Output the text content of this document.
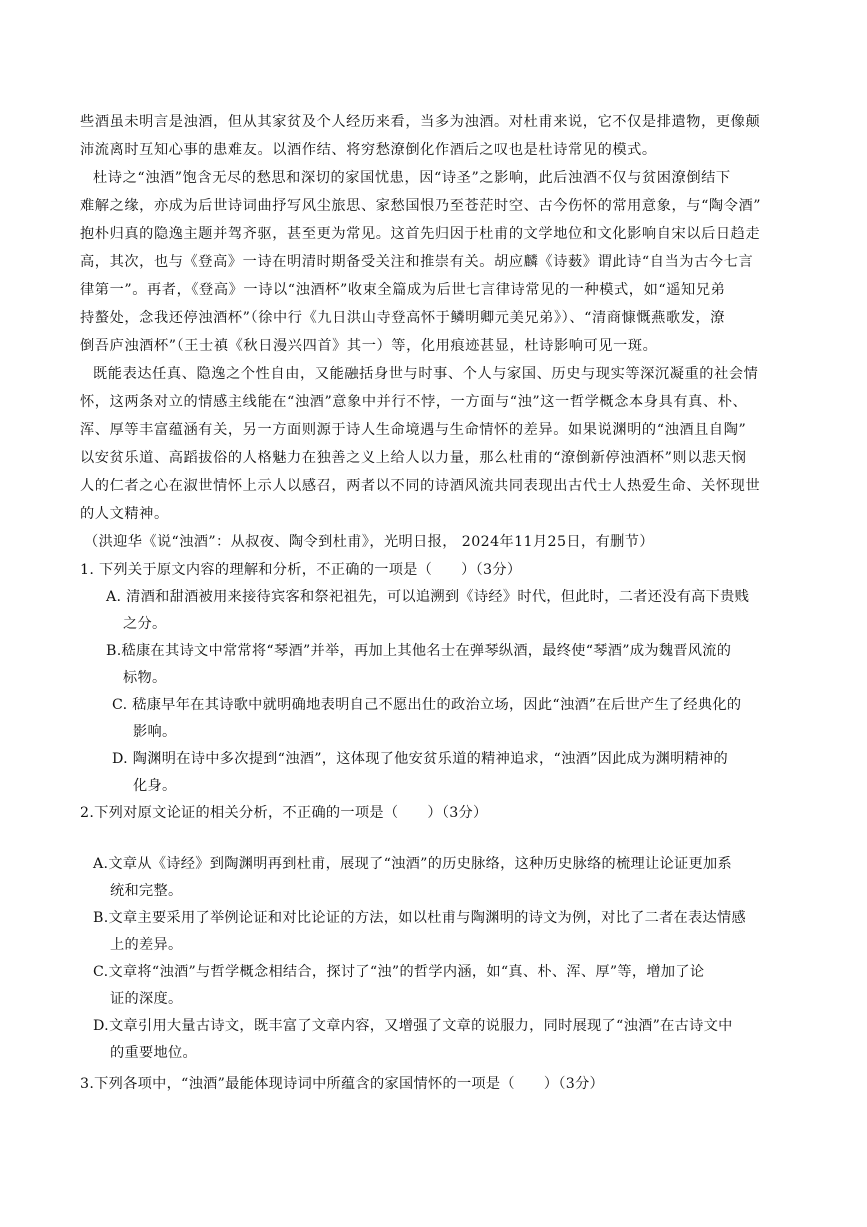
些酒虽未明言是浊酒，但从其家贫及个人经历来看，当多为浊酒。对杜甫来说，它不仅是排遣物，更像颠
沛流离时互知心事的患难友。以酒作结、将穷愁潦倒化作酒后之叹也是杜诗常见的模式。
杜诗之“浊酒”饱含无尽的愁思和深切的家国忧患，因“诗圣”之影响，此后浊酒不仅与贫困潦倒结下
难解之缘，亦成为后世诗词曲抒写风尘旅思、家愁国恨乃至苍茫时空、古今伤怀的常用意象，与“陶令酒”
抱朴归真的隐逸主题并驾齐驱，甚至更为常见。这首先归因于杜甫的文学地位和文化影响自宋以后日趋走
高，其次，也与《登高》一诗在明清时期备受关注和推崇有关。胡应麟《诗薮》谓此诗“自当为古今七言
律第一”。再者，《登高》一诗以“浊酒杯”收束全篇成为后世七言律诗常见的一种模式，如“遥知兄弟
持螯处，念我还停浊酒杯”（徐中行《九日洪山寺登高怀于鳞明卿元美兄弟》）、“清商慷慨燕歌发，潦
倒吾庐浊酒杯”（王士禛《秋日漫兴四首》其一）等，化用痕迹甚显，杜诗影响可见一斑。
既能表达任真、隐逸之个性自由，又能融括身世与时事、个人与家国、历史与现实等深沉凝重的社会情
怀，这两条对立的情感主线能在“浊酒”意象中并行不悖，一方面与“浊”这一哲学概念本身具有真、朴、
浑、厚等丰富蕴涵有关，另一方面则源于诗人生命境遇与生命情怀的差异。如果说渊明的“浊酒且自陶”
以安贫乐道、高蹈拔俗的人格魅力在独善之义上给人以力量，那么杜甫的“潦倒新停浊酒杯”则以悲天悯
人的仁者之心在淑世情怀上示人以感召，两者以不同的诗酒风流共同表现出古代士人热爱生命、关怀现世
的人文精神。
（洪迎华《说“浊酒”：从叔夜、陶令到杜甫》，光明日报， 2024年11月25日，有删节）
1. 下列关于原文内容的理解和分析，不正确的一项是（　　）（3分）
A. 清酒和甜酒被用来接待宾客和祭祀祖先，可以追溯到《诗经》时代，但此时，二者还没有高下贵贱
之分。
B.嵇康在其诗文中常常将“琴酒”并举，再加上其他名士在弹琴纵酒，最终使“琴酒”成为魏晋风流的
标物。
C. 嵇康早年在其诗歌中就明确地表明自己不愿出仕的政治立场，因此“浊酒”在后世产生了经典化的
影响。
D. 陶渊明在诗中多次提到“浊酒”，这体现了他安贫乐道的精神追求，“浊酒”因此成为渊明精神的
化身。
2.下列对原文论证的相关分析，不正确的一项是（　　）（3分）
A.文章从《诗经》到陶渊明再到杜甫，展现了“浊酒”的历史脉络，这种历史脉络的梳理让论证更加系
统和完整。
B.文章主要采用了举例论证和对比论证的方法，如以杜甫与陶渊明的诗文为例，对比了二者在表达情感
上的差异。
C.文章将“浊酒”与哲学概念相结合，探讨了“浊”的哲学内涵，如“真、朴、浑、厚”等，增加了论
证的深度。
D.文章引用大量古诗文，既丰富了文章内容，又增强了文章的说服力，同时展现了“浊酒”在古诗文中
的重要地位。
3.下列各项中，“浊酒”最能体现诗词中所蕴含的家国情怀的一项是（　　）（3分）
